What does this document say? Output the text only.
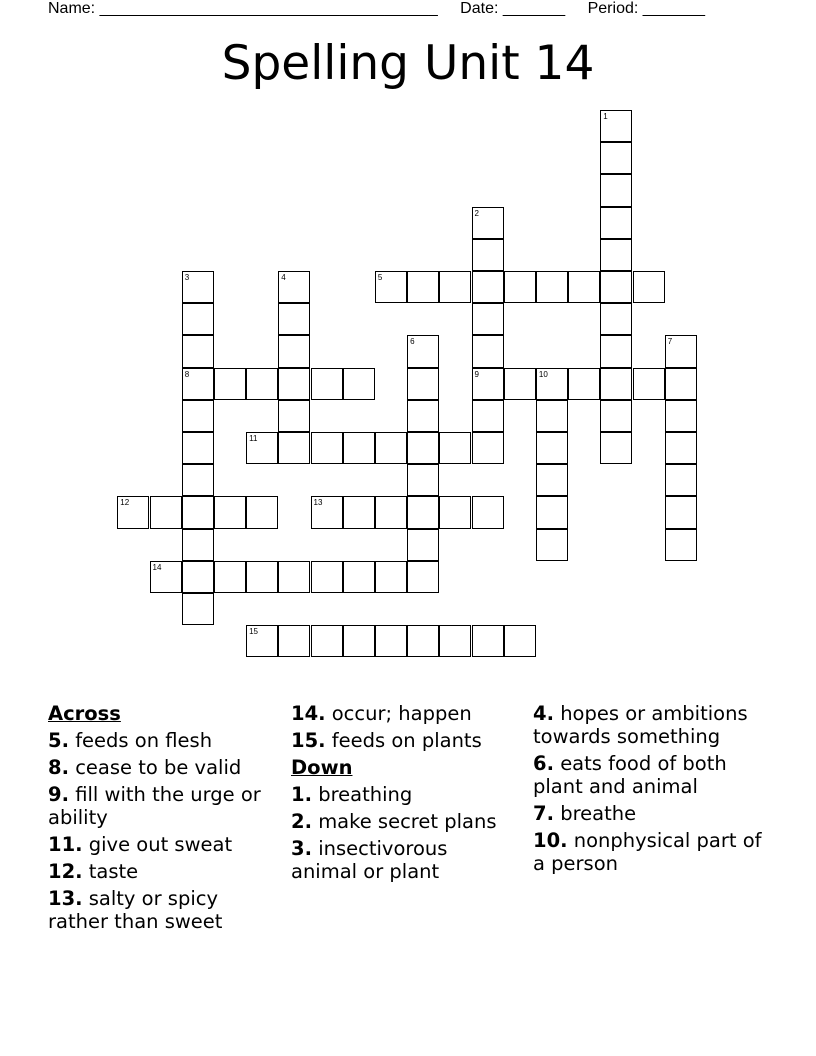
Name: ______________________________________ Date: _______ Period: _______
Spelling Unit 14
1
2
9
3
8
4	5
6	7
10
11
12	13
14
15
Across
5. feeds on flesh
8. cease to be valid
9. fill with the urge or ability
11. give out sweat
12. taste
13. salty or spicy rather than sweet
14. occur; happen
15. feeds on plants
Down
1. breathing
2. make secret plans
3. insectivorous animal or plant
4. hopes or ambitions towards something
6. eats food of both plant and animal
7. breathe
10. nonphysical part of a person
